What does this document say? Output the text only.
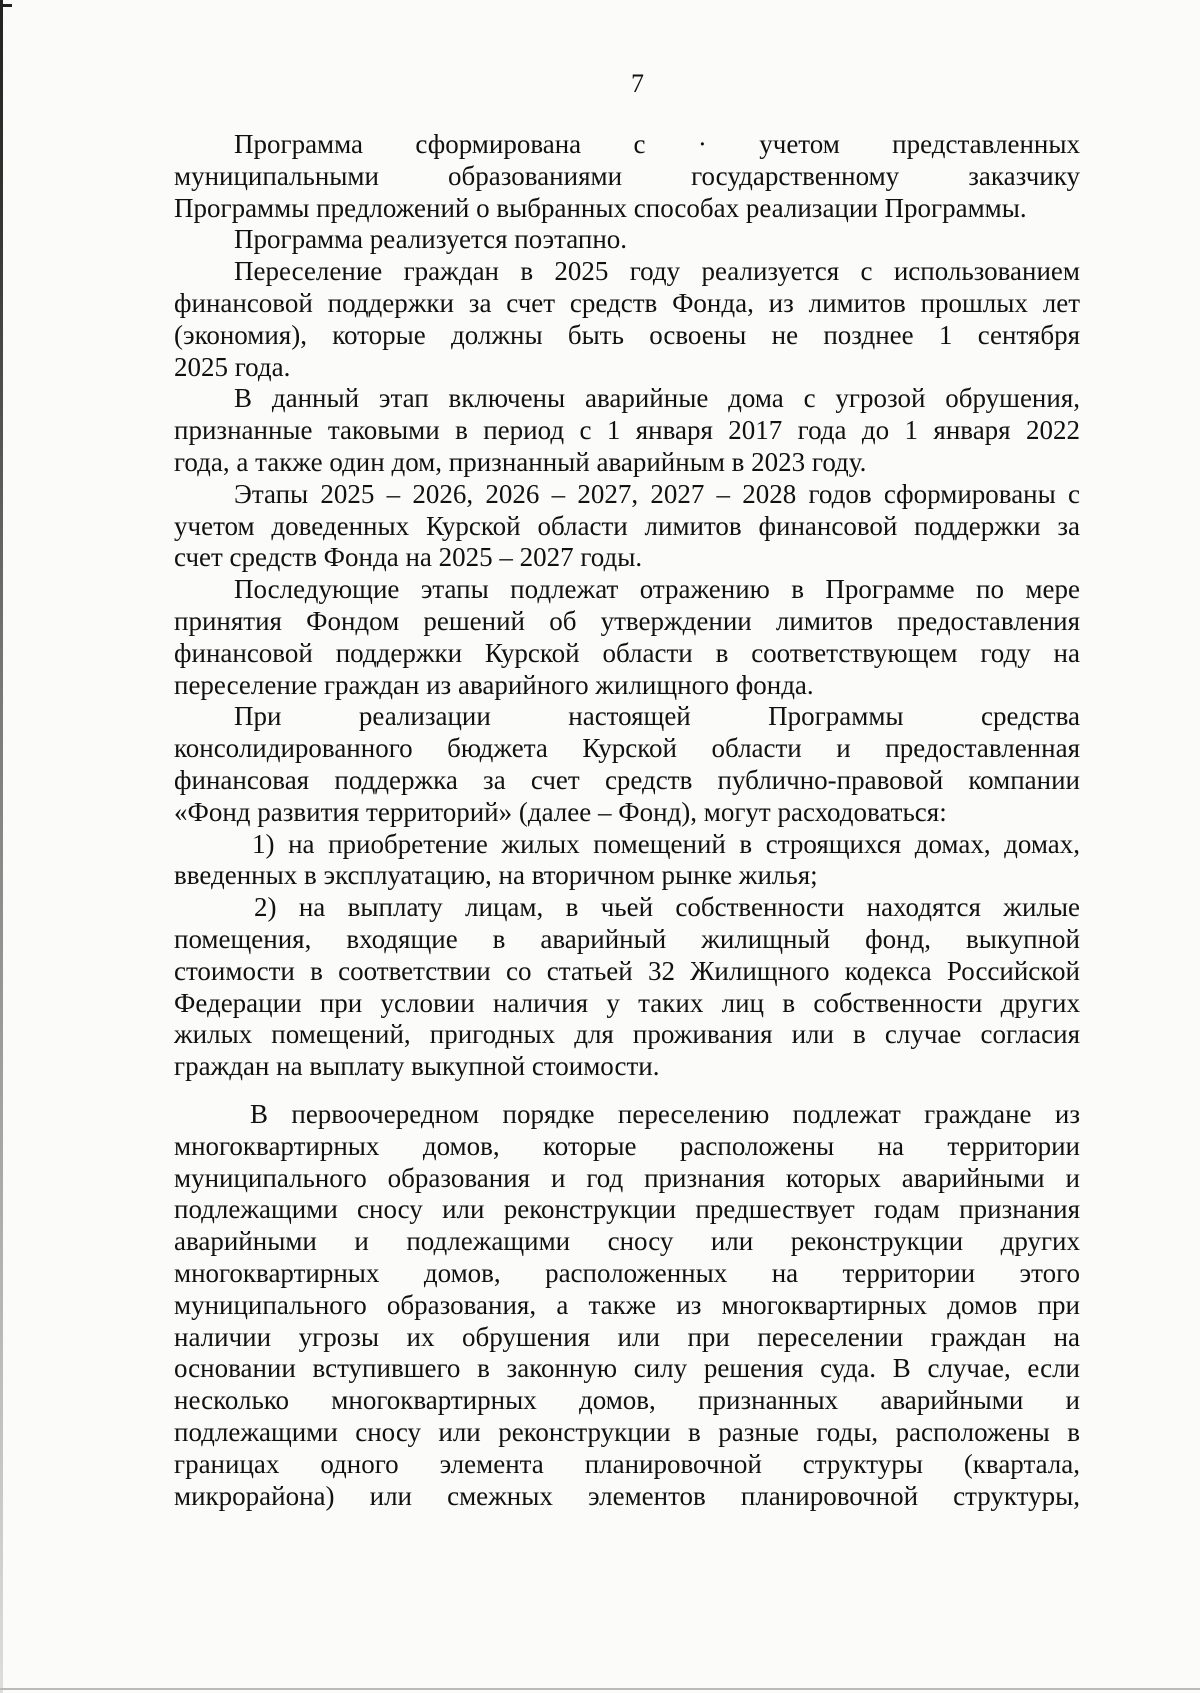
7
Программа сформирована с · учетом представленных
муниципальными образованиями государственному заказчику
Программы предложений о выбранных способах реализации Программы.
Программа реализуется поэтапно.
Переселение граждан в 2025 году реализуется с использованием
финансовой поддержки за счет средств Фонда, из лимитов прошлых лет
(экономия), которые должны быть освоены не позднее 1 сентября
2025 года.
В данный этап включены аварийные дома с угрозой обрушения,
признанные таковыми в период с 1 января 2017 года до 1 января 2022
года, а также один дом, признанный аварийным в 2023 году.
Этапы 2025 – 2026, 2026 – 2027, 2027 – 2028 годов сформированы с
учетом доведенных Курской области лимитов финансовой поддержки за
счет средств Фонда на 2025 – 2027 годы.
Последующие этапы подлежат отражению в Программе по мере
принятия Фондом решений об утверждении лимитов предоставления
финансовой поддержки Курской области в соответствующем году на
переселение граждан из аварийного жилищного фонда.
При реализации настоящей Программы средства
консолидированного бюджета Курской области и предоставленная
финансовая поддержка за счет средств публично-правовой компании
«Фонд развития территорий» (далее – Фонд), могут расходоваться:
1) на приобретение жилых помещений в строящихся домах, домах,
введенных в эксплуатацию, на вторичном рынке жилья;
2) на выплату лицам, в чьей собственности находятся жилые
помещения, входящие в аварийный жилищный фонд, выкупной
стоимости в соответствии со статьей 32 Жилищного кодекса Российской
Федерации при условии наличия у таких лиц в собственности других
жилых помещений, пригодных для проживания или в случае согласия
граждан на выплату выкупной стоимости.
В первоочередном порядке переселению подлежат граждане из
многоквартирных домов, которые расположены на территории
муниципального образования и год признания которых аварийными и
подлежащими сносу или реконструкции предшествует годам признания
аварийными и подлежащими сносу или реконструкции других
многоквартирных домов, расположенных на территории этого
муниципального образования, а также из многоквартирных домов при
наличии угрозы их обрушения или при переселении граждан на
основании вступившего в законную силу решения суда. В случае, если
несколько многоквартирных домов, признанных аварийными и
подлежащими сносу или реконструкции в разные годы, расположены в
границах одного элемента планировочной структуры (квартала,
микрорайона) или смежных элементов планировочной структуры,
